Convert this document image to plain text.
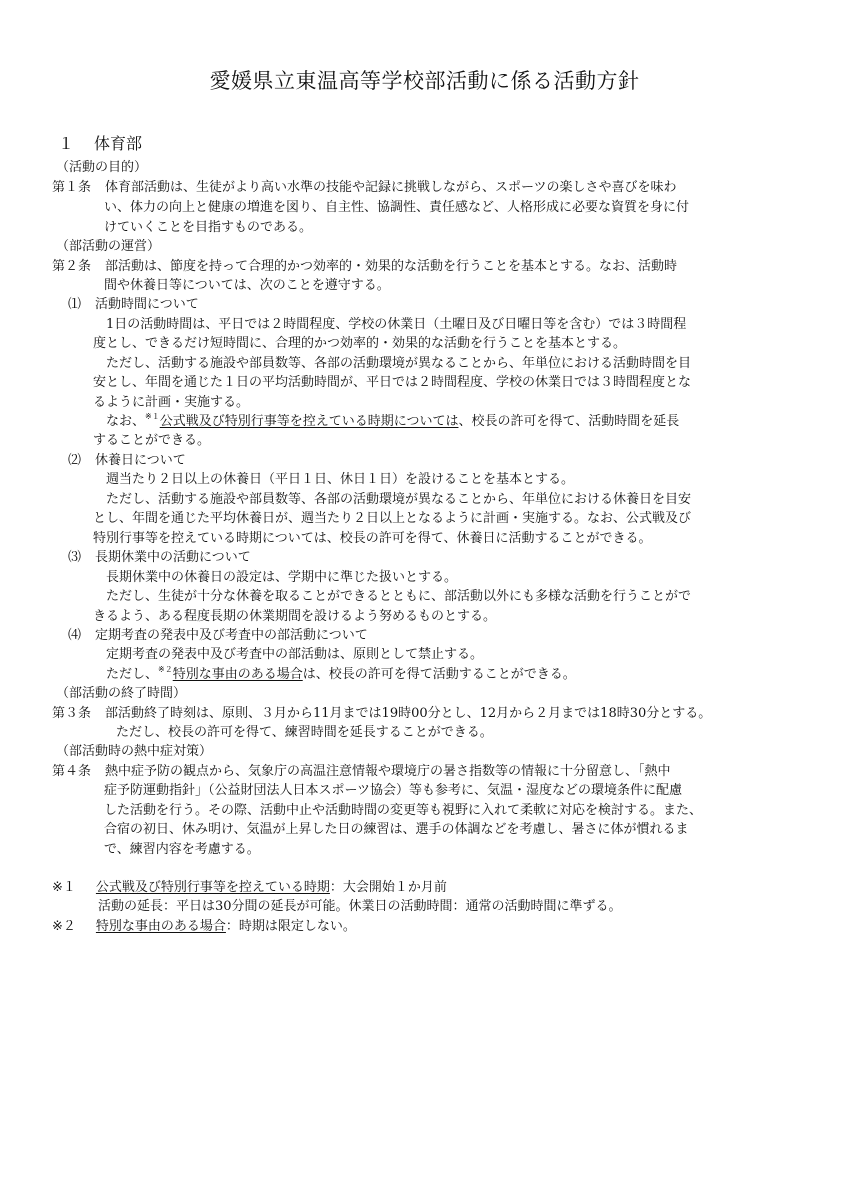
愛媛県立東温高等学校部活動に係る活動方針
１ 体育部
（活動の目的）
第１条 体育部活動は、生徒がより高い水準の技能や記録に挑戦しながら、スポーツの楽しさや喜びを味わ
い、体力の向上と健康の増進を図り、自主性、協調性、責任感など、人格形成に必要な資質を身に付
けていくことを目指すものである。
（部活動の運営）
第２条 部活動は、節度を持って合理的かつ効率的・効果的な活動を行うことを基本とする。なお、活動時
間や休養日等については、次のことを遵守する。
⑴ 活動時間について
1日の活動時間は、平日では２時間程度、学校の休業日（土曜日及び日曜日等を含む）では３時間程
度とし、できるだけ短時間に、合理的かつ効率的・効果的な活動を行うことを基本とする。
ただし、活動する施設や部員数等、各部の活動環境が異なることから、年単位における活動時間を目
安とし、年間を通じた１日の平均活動時間が、平日では２時間程度、学校の休業日では３時間程度とな
るように計画・実施する。
なお、$^{※1}$公式戦及び特別行事等を控えている時期については、校長の許可を得て、活動時間を延長
することができる。
⑵ 休養日について
週当たり２日以上の休養日（平日１日、休日１日）を設けることを基本とする。
ただし、活動する施設や部員数等、各部の活動環境が異なることから、年単位における休養日を目安
とし、年間を通じた平均休養日が、週当たり２日以上となるように計画・実施する。なお、公式戦及び
特別行事等を控えている時期については、校長の許可を得て、休養日に活動することができる。
⑶ 長期休業中の活動について
長期休業中の休養日の設定は、学期中に準じた扱いとする。
ただし、生徒が十分な休養を取ることができるとともに、部活動以外にも多様な活動を行うことがで
きるよう、ある程度長期の休業期間を設けるよう努めるものとする。
⑷ 定期考査の発表中及び考査中の部活動について
定期考査の発表中及び考査中の部活動は、原則として禁止する。
ただし、$^{※2}$特別な事由のある場合は、校長の許可を得て活動することができる。
（部活動の終了時間）
第３条 部活動終了時刻は、原則、３月から11月までは19時00分とし、12月から２月までは18時30分とする。
ただし、校長の許可を得て、練習時間を延長することができる。
（部活動時の熱中症対策）
第４条 熱中症予防の観点から、気象庁の高温注意情報や環境庁の暑さ指数等の情報に十分留意し、「熱中
症予防運動指針」（公益財団法人日本スポーツ協会）等も参考に、気温・湿度などの環境条件に配慮
した活動を行う。その際、活動中止や活動時間の変更等も視野に入れて柔軟に対応を検討する。また、
合宿の初日、休み明け、気温が上昇した日の練習は、選手の体調などを考慮し、暑さに体が慣れるま
で、練習内容を考慮する。
※１ 公式戦及び特別行事等を控えている時期：大会開始１か月前
活動の延長：平日は30分間の延長が可能。休業日の活動時間：通常の活動時間に準ずる。
※２ 特別な事由のある場合：時期は限定しない。
